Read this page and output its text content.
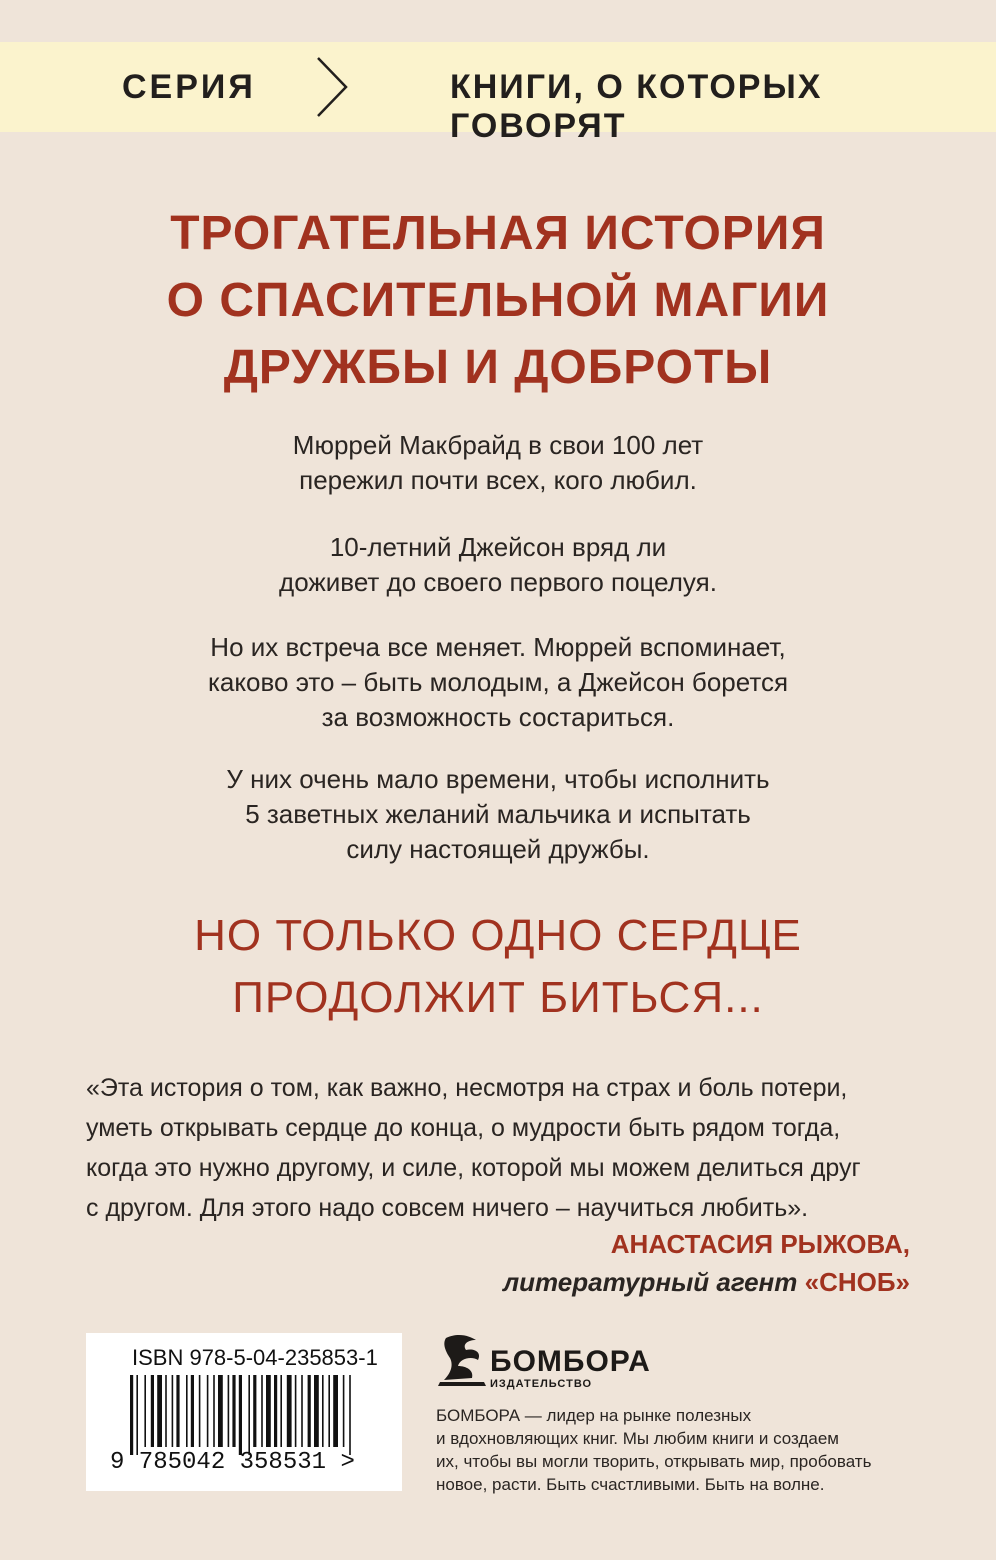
СЕРИЯ	КНИГИ, О КОТОРЫХ ГОВОРЯТ
ТРОГАТЕЛЬНАЯ ИСТОРИЯ
О СПАСИТЕЛЬНОЙ МАГИИ
ДРУЖБЫ И ДОБРОТЫ
Мюррей Макбрайд в свои 100 лет
пережил почти всех, кого любил.
10-летний Джейсон вряд ли
доживет до своего первого поцелуя.
Но их встреча все меняет. Мюррей вспоминает,
каково это – быть молодым, а Джейсон борется
за возможность состариться.
У них очень мало времени, чтобы исполнить
5 заветных желаний мальчика и испытать
силу настоящей дружбы.
НО ТОЛЬКО ОДНО СЕРДЦЕ
ПРОДОЛЖИТ БИТЬСЯ...
«Эта история о том, как важно, несмотря на страх и боль потери,
уметь открывать сердце до конца, о мудрости быть рядом тогда,
когда это нужно другому, и силе, которой мы можем делиться друг
с другом. Для этого надо совсем ничего – научиться любить».
АНАСТАСИЯ РЫЖОВА,
литературный агент «СНОБ»
ISBN 978-5-04-235853-1
9 785042 358531 >
БОМБОРА
ИЗДАТЕЛЬСТВО
БОМБОРА — лидер на рынке полезных
и вдохновляющих книг. Мы любим книги и создаем
их, чтобы вы могли творить, открывать мир, пробовать
новое, расти. Быть счастливыми. Быть на волне.
